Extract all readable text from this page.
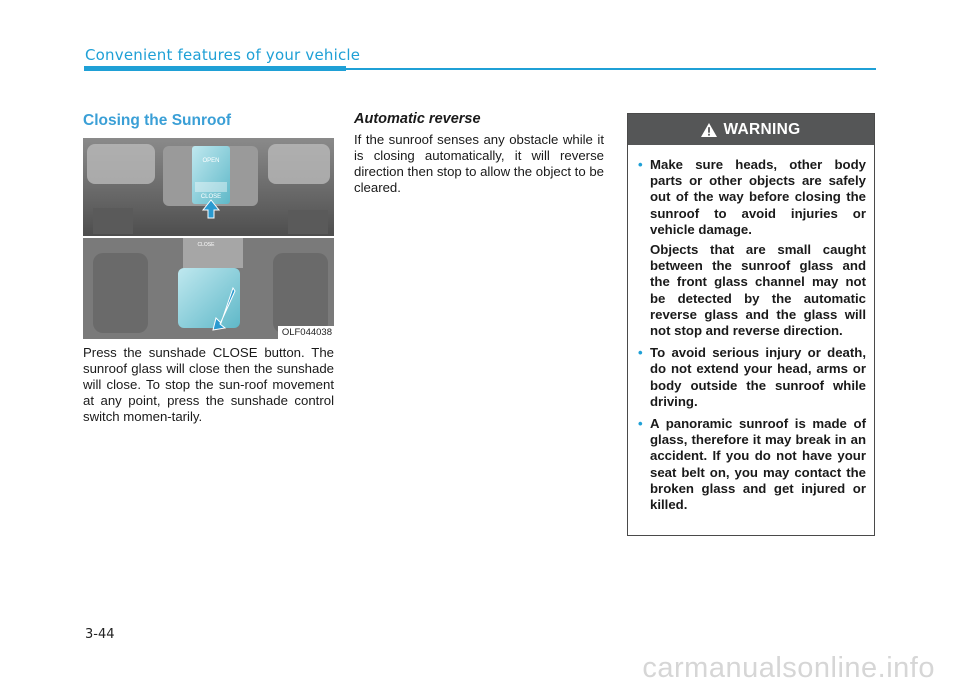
Convenient features of your vehicle
Closing the Sunroof
OPEN
CLOSE
CLOSE
OLF044038
Press the sunshade CLOSE button. The sunroof glass will close then the sunshade will close. To stop the sun-roof movement at any point, press the sunshade control switch momen-tarily.
Automatic reverse
If the sunroof senses any obstacle while it is closing automatically, it will reverse direction then stop to allow the object to be cleared.
WARNING
• Make sure heads, other body parts or other objects are safely out of the way before closing the sunroof to avoid injuries or vehicle damage.

Objects that are small caught between the sunroof glass and the front glass channel may not be detected by the automatic reverse glass and the glass will not stop and reverse direction.

• To avoid serious injury or death, do not extend your head, arms or body outside the sunroof while driving.

• A panoramic sunroof is made of glass, therefore it may break in an accident. If you do not have your seat belt on, you may contact the broken glass and get injured or killed.

3-44
carmanualsonline.info
